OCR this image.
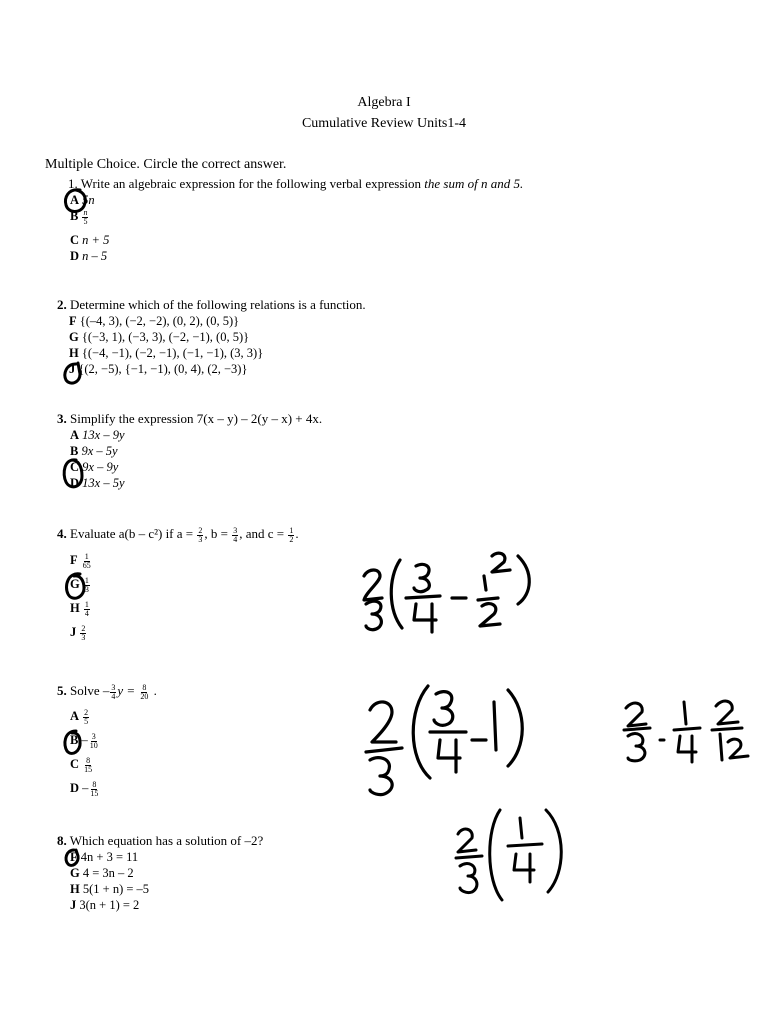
Algebra I
Cumulative Review Units1-4
Multiple Choice. Circle the correct answer.
1. Write an algebraic expression for the following verbal expression the sum of n and 5.
A 5n
B $\frac{n}{5}$
C n + 5
D n – 5
2. Determine which of the following relations is a function.
F {(–4, 3), (−2, −2), (0, 2), (0, 5)}
G {(−3, 1), (−3, 3), (−2, −1), (0, 5)}
H {(−4, −1), (−2, −1), (−1, −1), (3, 3)}
J {(2, −5), {−1, −1), (0, 4), (2, −3)}
3. Simplify the expression 7(x – y) – 2(y – x) + 4x.
A 13x – 9y
B 9x – 5y
C 9x – 9y
D 13x – 5y
4. Evaluate a(b – c²) if $a = \frac{2}{3}$ , $b = \frac{3}{4}$ , and $c = \frac{1}{2}$ .
F $\frac{1}{65}$
G $\frac{1}{3}$
H $\frac{1}{4}$
J $\frac{2}{3}$
5. Solve – $\frac{3}{4}$ $y = \frac{8}{20}$ .
A $\frac{2}{5}$
B – $\frac{3}{10}$
C $\frac{8}{15}$
D – $\frac{8}{15}$
8. Which equation has a solution of –2?
F 4n + 3 = 11
G 4 = 3n – 2
H 5(1 + n) = –5
J 3(n + 1) = 2
